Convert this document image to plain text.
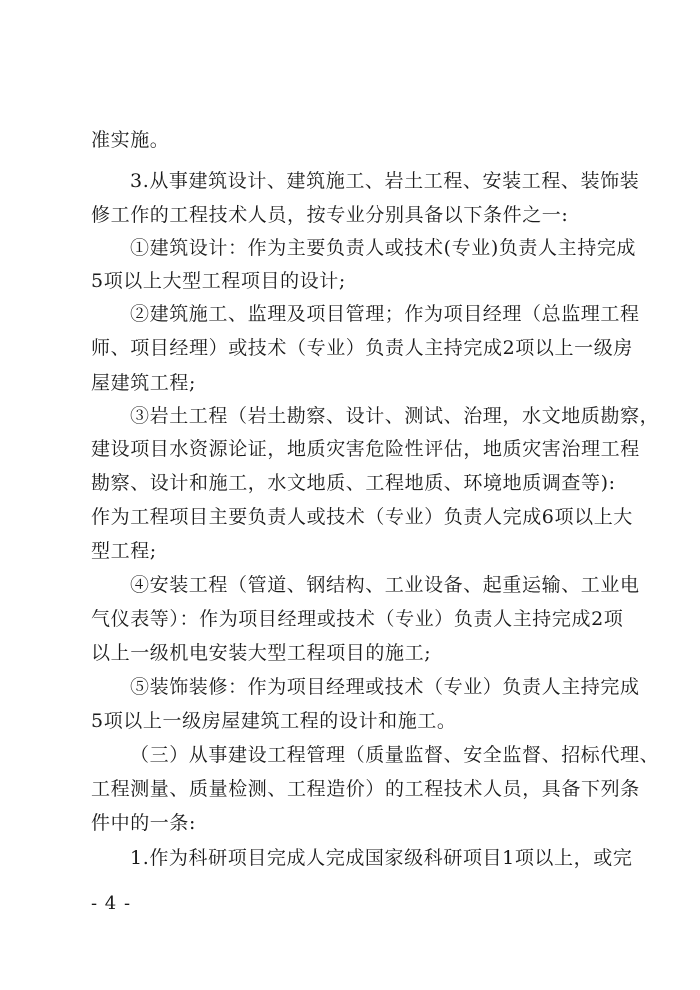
准实施。
3.从事建筑设计、建筑施工、岩土工程、安装工程、装饰装
修工作的工程技术人员，按专业分别具备以下条件之一:
①建筑设计：作为主要负责人或技术(专业)负责人主持完成
5项以上大型工程项目的设计;
②建筑施工、监理及项目管理；作为项目经理（总监理工程
师、项目经理）或技术（专业）负责人主持完成2项以上一级房
屋建筑工程;
③岩土工程（岩土勘察、设计、测试、治理，水文地质勘察，
建设项目水资源论证，地质灾害危险性评估，地质灾害治理工程
勘察、设计和施工，水文地质、工程地质、环境地质调查等):
作为工程项目主要负责人或技术（专业）负责人完成6项以上大
型工程;
④安装工程（管道、钢结构、工业设备、起重运输、工业电
气仪表等）：作为项目经理或技术（专业）负责人主持完成2项
以上一级机电安装大型工程项目的施工;
⑤装饰装修：作为项目经理或技术（专业）负责人主持完成
5项以上一级房屋建筑工程的设计和施工。
（三）从事建设工程管理（质量监督、安全监督、招标代理、
工程测量、质量检测、工程造价）的工程技术人员，具备下列条
件中的一条:
1.作为科研项目完成人完成国家级科研项目1项以上，或完
- 4 -
